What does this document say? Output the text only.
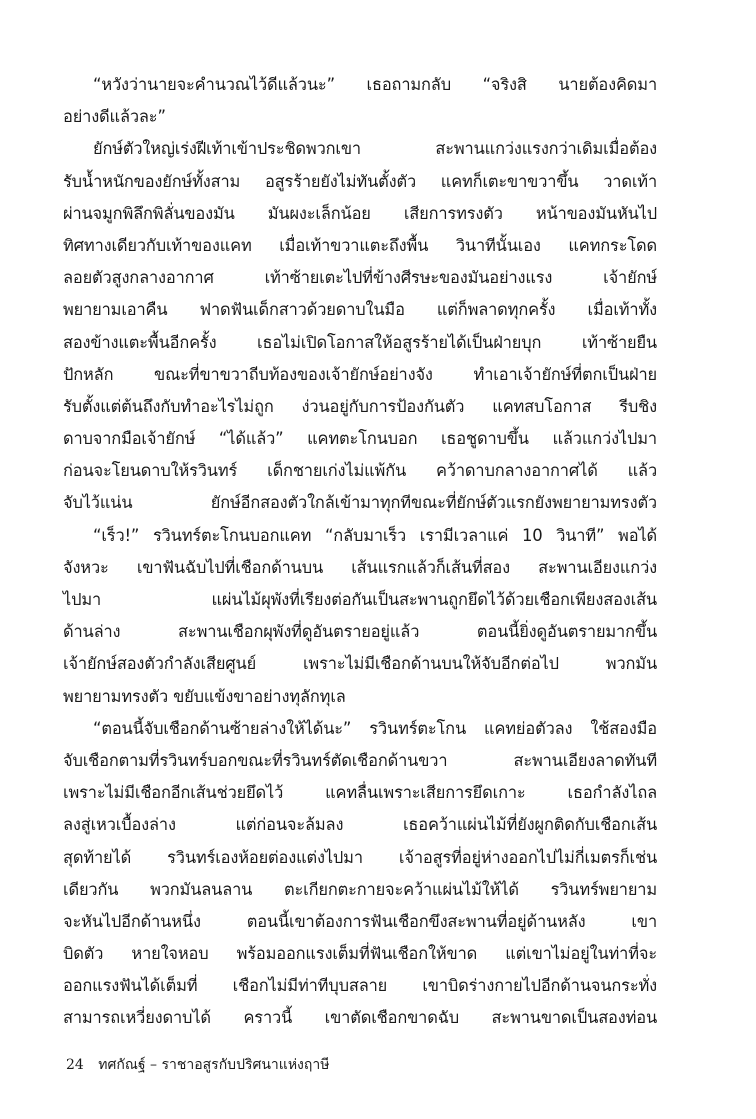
“หวังว่านายจะคำนวณไว้ดีแล้วนะ” เธอถามกลับ “จริงสิ นายต้องคิดมา
อย่างดีแล้วละ”
ยักษ์ตัวใหญ่เร่งฝีเท้าเข้าประชิดพวกเขา สะพานแกว่งแรงกว่าเดิมเมื่อต้อง
รับน้ำหนักของยักษ์ทั้งสาม อสูรร้ายยังไม่ทันตั้งตัว แคทก็เตะขาขวาขึ้น วาดเท้า
ผ่านจมูกพิลึกพิลั่นของมัน มันผงะเล็กน้อย เสียการทรงตัว หน้าของมันหันไป
ทิศทางเดียวกับเท้าของแคท เมื่อเท้าขวาแตะถึงพื้น วินาทีนั้นเอง แคทกระโดด
ลอยตัวสูงกลางอากาศ เท้าซ้ายเตะไปที่ข้างศีรษะของมันอย่างแรง เจ้ายักษ์
พยายามเอาคืน ฟาดฟันเด็กสาวด้วยดาบในมือ แต่ก็พลาดทุกครั้ง เมื่อเท้าทั้ง
สองข้างแตะพื้นอีกครั้ง เธอไม่เปิดโอกาสให้อสูรร้ายได้เป็นฝ่ายบุก เท้าซ้ายยืน
ปักหลัก ขณะที่ขาขวาถีบท้องของเจ้ายักษ์อย่างจัง ทำเอาเจ้ายักษ์ที่ตกเป็นฝ่าย
รับตั้งแต่ต้นถึงกับทำอะไรไม่ถูก ง่วนอยู่กับการป้องกันตัว แคทสบโอกาส รีบชิง
ดาบจากมือเจ้ายักษ์ “ได้แล้ว” แคทตะโกนบอก เธอชูดาบขึ้น แล้วแกว่งไปมา
ก่อนจะโยนดาบให้รวินทร์ เด็กชายเก่งไม่แพ้กัน คว้าดาบกลางอากาศได้ แล้ว
จับไว้แน่น ยักษ์อีกสองตัวใกล้เข้ามาทุกทีขณะที่ยักษ์ตัวแรกยังพยายามทรงตัว
“เร็ว!” รวินทร์ตะโกนบอกแคท “กลับมาเร็ว เรามีเวลาแค่ 10 วินาที” พอได้
จังหวะ เขาฟันฉับไปที่เชือกด้านบน เส้นแรกแล้วก็เส้นที่สอง สะพานเอียงแกว่ง
ไปมา แผ่นไม้ผุพังที่เรียงต่อกันเป็นสะพานถูกยึดไว้ด้วยเชือกเพียงสองเส้น
ด้านล่าง สะพานเชือกผุพังที่ดูอันตรายอยู่แล้ว ตอนนี้ยิ่งดูอันตรายมากขึ้น
เจ้ายักษ์สองตัวกำลังเสียศูนย์ เพราะไม่มีเชือกด้านบนให้จับอีกต่อไป พวกมัน
พยายามทรงตัว ขยับแข้งขาอย่างทุลักทุเล
“ตอนนี้จับเชือกด้านซ้ายล่างให้ได้นะ” รวินทร์ตะโกน แคทย่อตัวลง ใช้สองมือ
จับเชือกตามที่รวินทร์บอกขณะที่รวินทร์ตัดเชือกด้านขวา สะพานเอียงลาดทันที
เพราะไม่มีเชือกอีกเส้นช่วยยึดไว้ แคทลื่นเพราะเสียการยึดเกาะ เธอกำลังไถล
ลงสู่เหวเบื้องล่าง แต่ก่อนจะล้มลง เธอคว้าแผ่นไม้ที่ยังผูกติดกับเชือกเส้น
สุดท้ายได้ รวินทร์เองห้อยต่องแต่งไปมา เจ้าอสูรที่อยู่ห่างออกไปไม่กี่เมตรก็เช่น
เดียวกัน พวกมันลนลาน ตะเกียกตะกายจะคว้าแผ่นไม้ให้ได้ รวินทร์พยายาม
จะหันไปอีกด้านหนึ่ง ตอนนี้เขาต้องการฟันเชือกขึงสะพานที่อยู่ด้านหลัง เขา
บิดตัว หายใจหอบ พร้อมออกแรงเต็มที่ฟันเชือกให้ขาด แต่เขาไม่อยู่ในท่าที่จะ
ออกแรงฟันได้เต็มที่ เชือกไม่มีท่าทีบุบสลาย เขาบิดร่างกายไปอีกด้านจนกระทั่ง
สามารถเหวี่ยงดาบได้ คราวนี้ เขาตัดเชือกขาดฉับ สะพานขาดเป็นสองท่อน
24 ทศกัณฐ์ – ราชาอสูรกับปริศนาแห่งฤาษี
